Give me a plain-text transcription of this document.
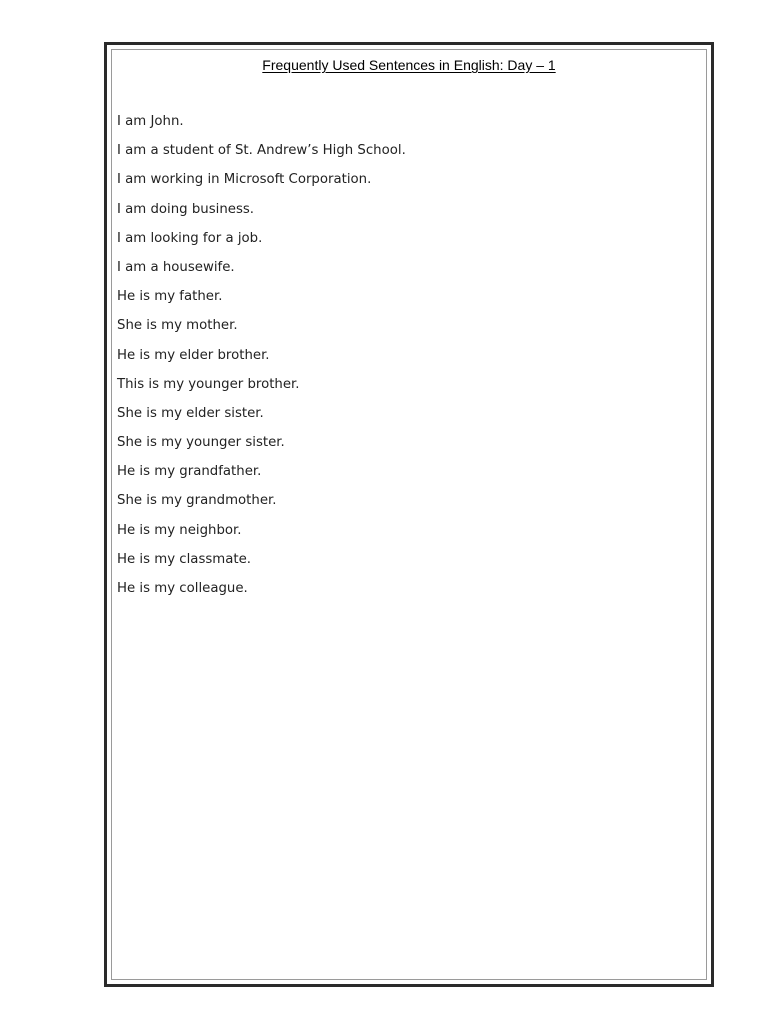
Frequently Used Sentences in English: Day – 1
I am John.
I am a student of St. Andrew’s High School.
I am working in Microsoft Corporation.
I am doing business.
I am looking for a job.
I am a housewife.
He is my father.
She is my mother.
He is my elder brother.
This is my younger brother.
She is my elder sister.
She is my younger sister.
He is my grandfather.
She is my grandmother.
He is my neighbor.
He is my classmate.
He is my colleague.
